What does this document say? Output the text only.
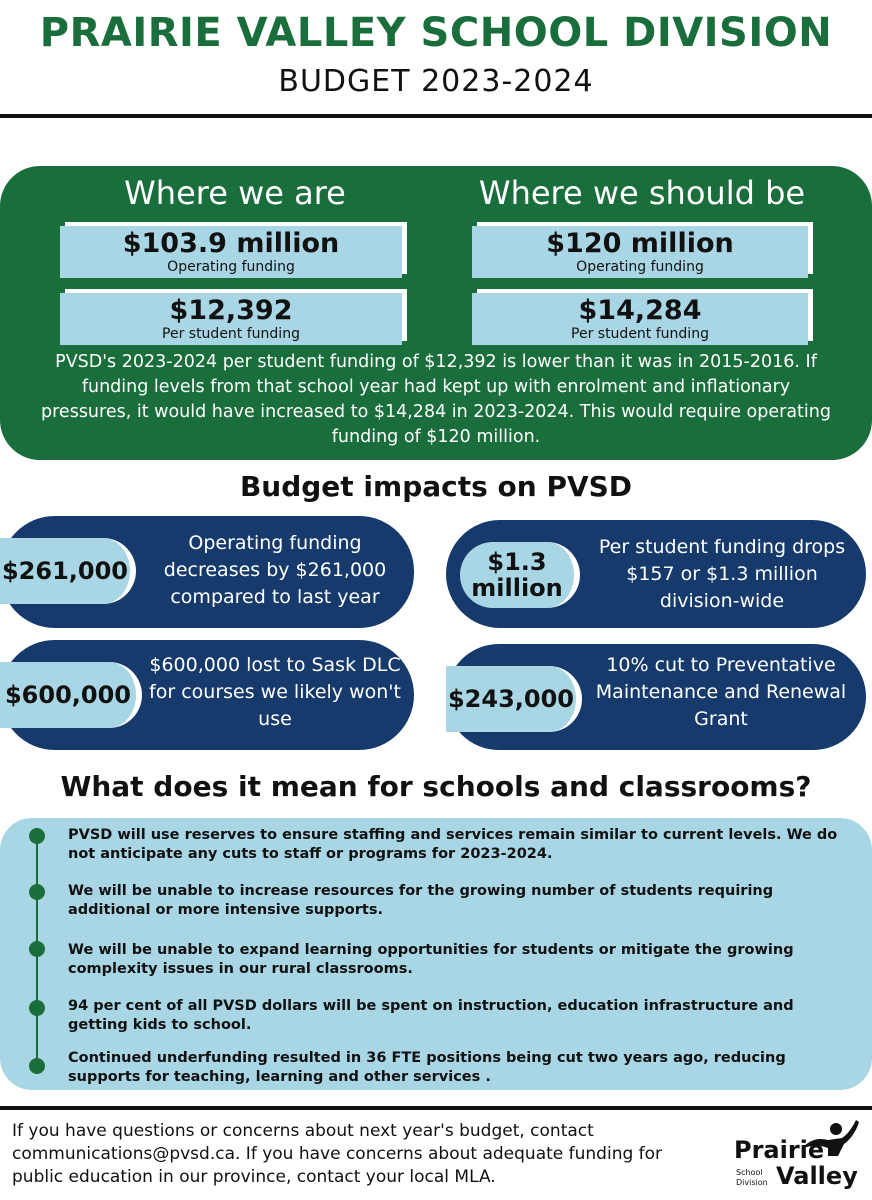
PRAIRIE VALLEY SCHOOL DIVISION
BUDGET 2023-2024
Where we are	Where we should be
$103.9 million
Operating funding
$120 million
Operating funding
$12,392
Per student funding
$14,284
Per student funding
PVSD's 2023-2024 per student funding of $12,392 is lower than it was in 2015-2016. If funding levels from that school year had kept up with enrolment and inflationary pressures, it would have increased to $14,284 in 2023-2024. This would require operating funding of $120 million.
Budget impacts on PVSD
$261,000
Operating funding decreases by $261,000 compared to last year
$1.3 million
Per student funding drops $157 or $1.3 million division-wide
$600,000
$600,000 lost to Sask DLC for courses we likely won't use
$243,000
10% cut to Preventative Maintenance and Renewal Grant
What does it mean for schools and classrooms?
PVSD will use reserves to ensure staffing and services remain similar to current levels. We do not anticipate any cuts to staff or programs for 2023-2024.
We will be unable to increase resources for the growing number of students requiring additional or more intensive supports.
We will be unable to expand learning opportunities for students or mitigate the growing complexity issues in our rural classrooms.
94 per cent of all PVSD dollars will be spent on instruction, education infrastructure and getting kids to school.
Continued underfunding resulted in 36 FTE positions being cut two years ago, reducing supports for teaching, learning and other services .
If you have questions or concerns about next year's budget, contact communications@pvsd.ca. If you have concerns about adequate funding for public education in our province, contact your local MLA.
Prairie
School
Division Valley
